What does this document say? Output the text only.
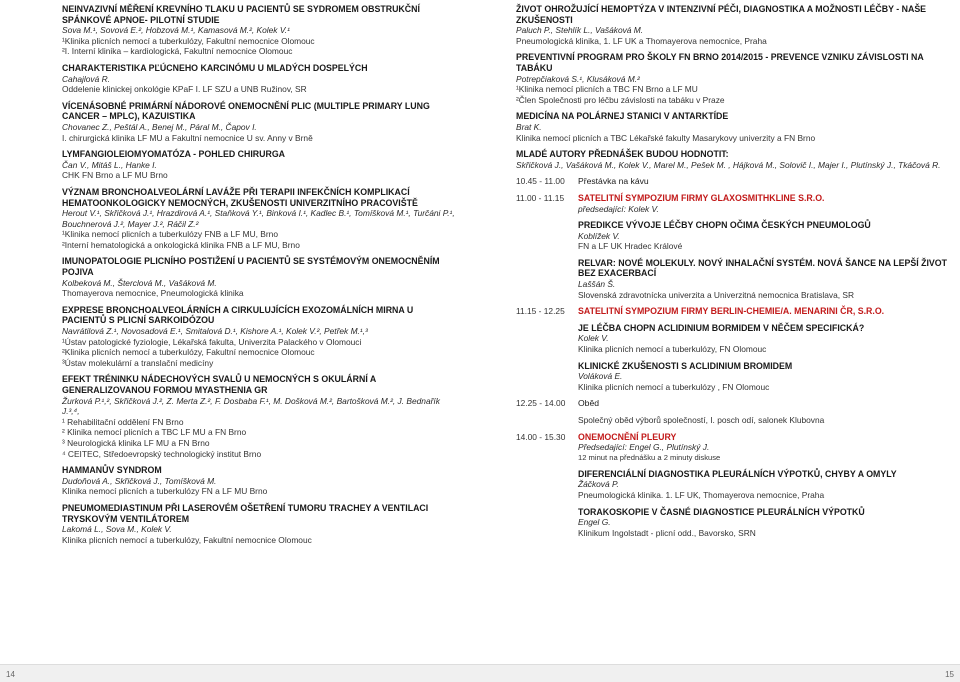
NEINVAZIVNÍ MĚŘENÍ KREVNÍHO TLAKU U PACIENTŮ SE SYDROMEM OBSTRUKČNÍ SPÁNKOVÉ APNOE- PILOTNÍ STUDIE
Sova M.¹, Sovová E.², Hobzová M.¹, Kamasová M.², Kolek V.¹
¹Klinika plicních nemocí a tuberkulózy, Fakultní nemocnice Olomouc
²I. Interní klinika – kardiologická, Fakultní nemocnice Olomouc
CHARAKTERISTIKA PĽÚCNEHO KARCINÓMU U MLADÝCH DOSPELÝCH
Cahajlová R.
Oddelenie klinickej onkológie KPaF I. LF SZU a UNB Ružinov, SR
VÍCENÁSOBNÉ PRIMÁRNÍ NÁDOROVÉ ONEMOCNĚNÍ PLIC (MULTIPLE PRIMARY LUNG CANCER – MPLC), KAZUISTIKA
Chovanec Z., Peštál A., Benej M., Páral M., Čapov I.
I. chirurgická klinika LF MU a Fakultní nemocnice U sv. Anny v Brně
LYMFANGIOLEIOMYOMATÓZA - POHLED CHIRURGA
Čan V., Mitáš L., Hanke I.
CHK FN Brno a LF MU Brno
VÝZNAM BRONCHOALVEOLÁRNÍ LAVÁŽE PŘI TERAPII INFEKČNÍCH KOMPLIKACÍ HEMATOONKOLOGICKY NEMOCNÝCH, ZKUŠENOSTI UNIVERZITNÍHO PRACOVIŠTĚ
Herout V.¹, Skřičková J.¹, Hrazdirová A.¹, Staňková Y.¹, Binková I.¹, Kadlec B.¹, Tomíšková M.¹, Turčáni P.¹, Bouchnerová J.², Mayer J.², Ráčil Z.²
¹Klinika nemocí plicních a tuberkulózy FNB a LF MU, Brno
²Interní hematologická a onkologická klinika FNB a LF MU, Brno
IMUNOPATOLOGIE PLICNÍHO POSTIŽENÍ U PACIENTŮ SE SYSTÉMOVÝM ONEMOCNĚNÍM POJIVA
Kolbeková M., Šterclová M., Vašáková M.
Thomayerova nemocnice, Pneumologická klinika
EXPRESE BRONCHOALVEOLÁRNÍCH A CIRKULUJÍCÍCH EXOZOMÁLNÍCH MIRNA U PACIENTŮ S PLICNÍ SARKOIDÓZOU
Navrátilová Z.¹, Novosadová E.¹, Smitalová D.¹, Kishore A.¹, Kolek V.², Petřek M.¹,³
¹Ústav patologické fyziologie, Lékařská fakulta, Univerzita Palackého v Olomouci
²Klinika plicních nemocí a tuberkulózy, Fakultní nemocnice Olomouc
³Ústav molekulární a translační medicíny
EFEKT TRÉNINKU NÁDECHOVÝCH SVALŮ U NEMOCNÝCH S OKULÁRNÍ A GENERALIZOVANOU FORMOU MYASTHENIA GR
Žurková P.¹,², Skřičková J.², Z. Merta Z.², F. Dosbaba F.¹, M. Došková M.², Bartošková M.², J. Bednařík J.³,⁴,
¹ Rehabilitační oddělení FN Brno
² Klinika nemocí plicních a TBC LF MU a FN Brno
³ Neurologická klinika LF MU a FN Brno
⁴ CEITEC, Středoevropský technologický institut Brno
HAMMANŮV SYNDROM
Dudoňová A., Skřičková J., Tomíšková M.
Klinika nemocí plicních a tuberkulózy FN a LF MU Brno
PNEUMOMEDIASTINUM PŘI LASEROVÉM OŠETŘENÍ TUMORU TRACHEY A VENTILACI TRYSKOVÝM VENTILÁTOREM
Lakomá L., Sova M., Kolek V.
Klinika plicních nemocí a tuberkulózy, Fakultní nemocnice Olomouc
ŽIVOT OHROŽUJÍCÍ HEMOPTÝZA V INTENZIVNÍ PÉČI, DIAGNOSTIKA A MOŽNOSTI LÉČBY - NAŠE ZKUŠENOSTI
Paluch P., Stehlík L., Vašáková M.
Pneumologická klinika, 1. LF UK a Thomayerova nemocnice, Praha
PREVENTIVNÍ PROGRAM PRO ŠKOLY FN BRNO 2014/2015 - PREVENCE VZNIKU ZÁVISLOSTI NA TABÁKU
Potrepčiaková S.¹, Klusáková M.²
¹Klinika nemocí plicních a TBC FN Brno a LF MU
²Člen Společnosti pro léčbu závislosti na tabáku v Praze
MEDICÍNA NA POLÁRNEJ STANICI V ANTARKTÍDE
Brat K.
Klinika nemocí plicních a TBC Lékařské fakulty Masarykovy univerzity a FN Brno
MLADÉ AUTORY PŘEDNÁŠEK BUDOU HODNOTIT:
Skřičková J., Vašáková M., Kolek V., Marel M., Pešek M. , Hájková M., Solovič I., Majer I., Plutínský J., Tkáčová R.
10.45 - 11.00	Přestávka na kávu
11.00 - 11.15	SATELITNÍ SYMPOZIUM FIRMY GLAXOSMITHKLINE S.R.O.
předsedající: Kolek V.
PREDIKCE VÝVOJE LÉČBY CHOPN OČIMA ČESKÝCH PNEUMOLOGŮ
Koblížek V.
FN a LF UK Hradec Králové
RELVAR: NOVÉ MOLEKULY. NOVÝ INHALAČNÍ SYSTÉM. NOVÁ ŠANCE NA LEPŠÍ ŽIVOT BEZ EXACERBACÍ
Laššán Š.
Slovenská zdravotnícka univerzita a Univerzitná nemocnica Bratislava, SR
11.15 - 12.25	SATELITNÍ SYMPOZIUM FIRMY BERLIN-CHEMIE/A. MENARINI ČR, S.R.O.
JE LÉČBA CHOPN ACLIDINIUM BORMIDEM V NĚČEM SPECIFICKÁ?
Kolek V.
Klinika plicních nemocí a tuberkulózy, FN Olomouc
KLINICKÉ ZKUŠENOSTI S ACLIDINIUM BROMIDEM
Voláková E.
Klinika plicních nemocí a tuberkulózy , FN Olomouc
12.25 - 14.00	Oběd
Společný oběd výborů společností, I. posch odí, salonek Klubovna
14.00 - 15.30	ONEMOCNĚNÍ PLEURY
Předsedající: Engel G., Plutínský J.
12 minut na přednášku a 2 minuty diskuse
DIFERENCIÁLNÍ DIAGNOSTIKA PLEURÁLNÍCH VÝPOTKŮ, CHYBY A OMYLY
Žáčková P.
Pneumologická klinika. 1. LF UK, Thomayerova nemocnice, Praha
TORAKOSKOPIE V ČASNÉ DIAGNOSTICE PLEURÁLNÍCH VÝPOTKŮ
Engel G.
Klinikum Ingolstadt - plicní odd., Bavorsko, SRN
14	15
